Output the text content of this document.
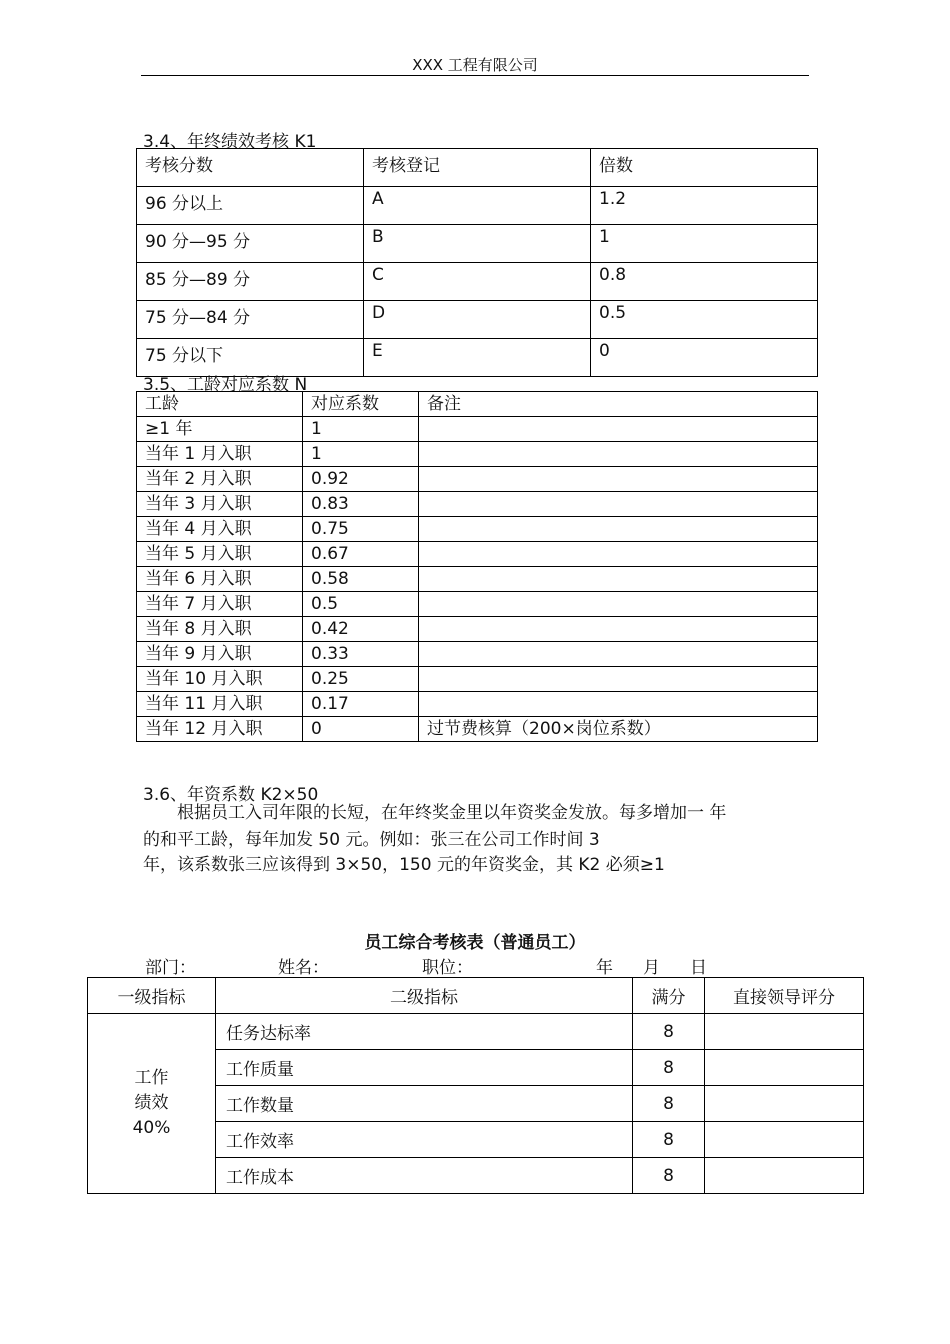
XXX 工程有限公司
3.4、年终绩效考核 K1
考核分数	考核登记	倍数
96 分以上	A	1.2
90 分—95 分	B	1
85 分—89 分	C	0.8
75 分—84 分	D	0.5
75 分以下	E	0
3.5、工龄对应系数 N
工龄	对应系数	备注
≥1 年	1	
当年 1 月入职	1	
当年 2 月入职	0.92	
当年 3 月入职	0.83	
当年 4 月入职	0.75	
当年 5 月入职	0.67	
当年 6 月入职	0.58	
当年 7 月入职	0.5	
当年 8 月入职	0.42	
当年 9 月入职	0.33	
当年 10 月入职	0.25	
当年 11 月入职	0.17	
当年 12 月入职	0	过节费核算（200×岗位系数）
3.6、年资系数 K2×50
根据员工入司年限的长短，在年终奖金里以年资奖金发放。每多增加一 年
的和平工龄，每年加发 50 元。例如：张三在公司工作时间 3
年，该系数张三应该得到 3×50，150 元的年资奖金，其 K2 必须≥1
员工综合考核表（普通员工）
部门：	姓名：	职位：	年 月 日
一级指标	二级指标	满分	直接领导评分

工作
绩效
40%	任务达标率	8	
	工作质量	8	
	工作数量	8	
	工作效率	8	
	工作成本	8	
